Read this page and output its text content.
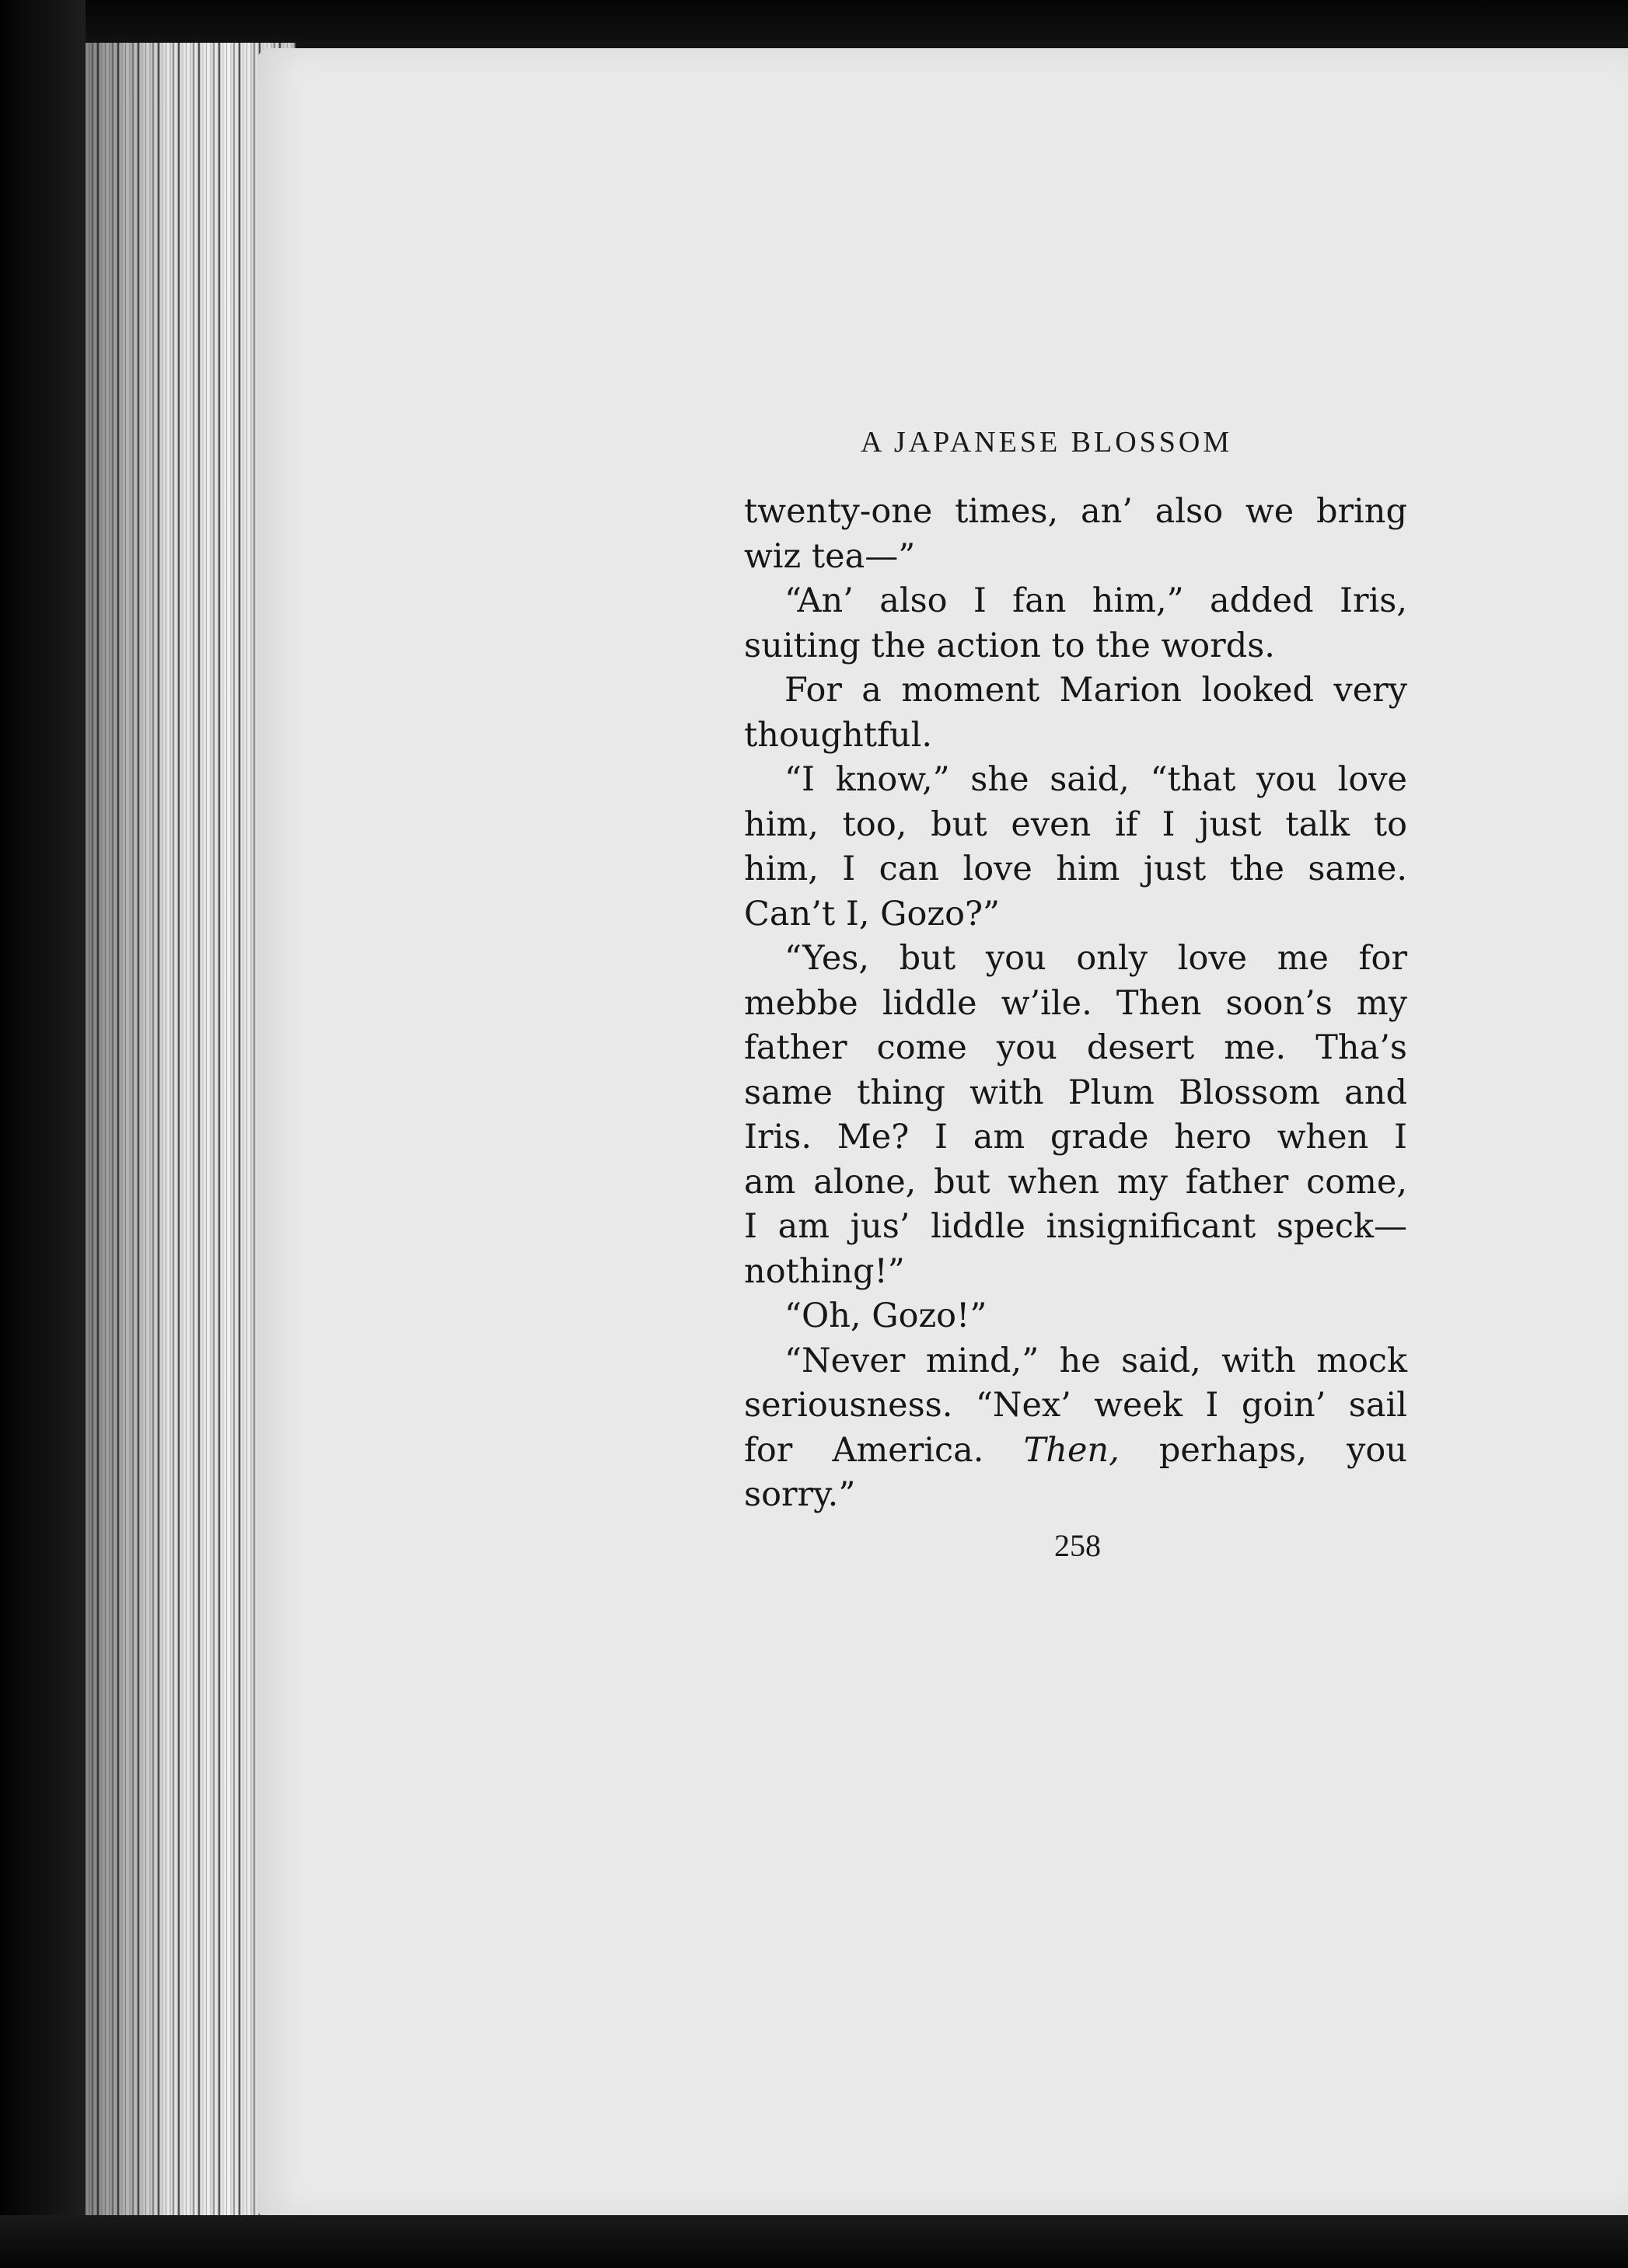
A JAPANESE BLOSSOM
twenty-one times, an’ also we bring
wiz tea—”
“An’ also I fan him,” added Iris,
suiting the action to the words.
For a moment Marion looked very
thoughtful.
“I know,” she said, “that you love
him, too, but even if I just talk to
him, I can love him just the same.
Can’t I, Gozo?”
“Yes, but you only love me for
mebbe liddle w’ile. Then soon’s my
father come you desert me. Tha’s
same thing with Plum Blossom and
Iris. Me? I am grade hero when I
am alone, but when my father come,
I am jus’ liddle insignificant speck—
nothing!”
“Oh, Gozo!”
“Never mind,” he said, with mock
seriousness. “Nex’ week I goin’ sail
for America. Then, perhaps, you
sorry.”
258
